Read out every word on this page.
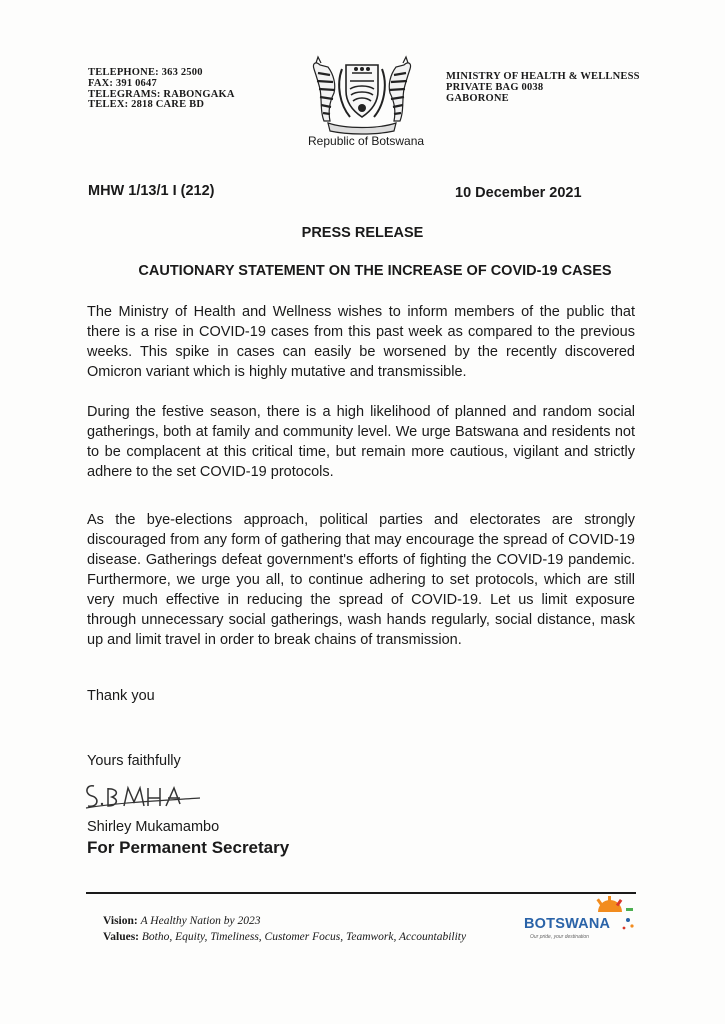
TELEPHONE: 363 2500
FAX: 391 0647
TELEGRAMS: RABONGAKA
TELEX: 2818 CARE BD
Republic of Botswana
MINISTRY OF HEALTH & WELLNESS
PRIVATE BAG 0038
GABORONE
MHW 1/13/1 I (212)	10 December 2021
PRESS RELEASE
CAUTIONARY STATEMENT ON THE INCREASE OF COVID-19 CASES

The Ministry of Health and Wellness wishes to inform members of the public that there is a rise in COVID-19 cases from this past week as compared to the previous weeks. This spike in cases can easily be worsened by the recently discovered Omicron variant which is highly mutative and transmissible.

During the festive season, there is a high likelihood of planned and random social gatherings, both at family and community level. We urge Batswana and residents not to be complacent at this critical time, but remain more cautious, vigilant and strictly adhere to the set COVID-19 protocols.

As the bye-elections approach, political parties and electorates are strongly discouraged from any form of gathering that may encourage the spread of COVID-19 disease. Gatherings defeat government's efforts of fighting the COVID-19 pandemic. Furthermore, we urge you all, to continue adhering to set protocols, which are still very much effective in reducing the spread of COVID-19. Let us limit exposure through unnecessary social gatherings, wash hands regularly, social distance, mask up and limit travel in order to break chains of transmission.

Thank you
Yours faithfully
Shirley Mukamambo
For Permanent Secretary
Vision: A Healthy Nation by 2023
Values: Botho, Equity, Timeliness, Customer Focus, Teamwork, Accountability
BOTSWANA
Our pride, your destination
